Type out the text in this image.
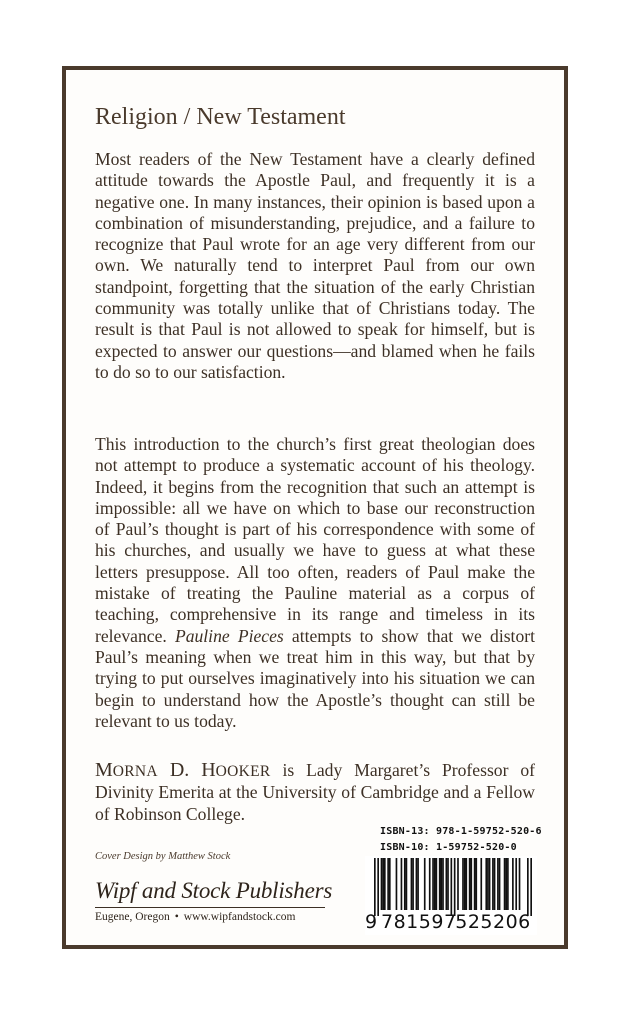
Religion / New Testament

Most readers of the New Testament have a clearly defined attitude towards the Apostle Paul, and frequently it is a negative one. In many instances, their opinion is based upon a combination of misunderstanding, prejudice, and a failure to recognize that Paul wrote for an age very different from our own. We naturally tend to interpret Paul from our own standpoint, forgetting that the situation of the early Christian community was totally unlike that of Christians today. The result is that Paul is not allowed to speak for himself, but is expected to answer our questions—and blamed when he fails to do so to our satisfaction.

This introduction to the church’s first great theologian does not attempt to produce a systematic account of his theology. Indeed, it begins from the recognition that such an attempt is impossible: all we have on which to base our reconstruction of Paul’s thought is part of his correspondence with some of his churches, and usually we have to guess at what these letters presuppose. All too often, readers of Paul make the mistake of treating the Pauline material as a corpus of teaching, comprehensive in its range and timeless in its relevance. Pauline Pieces attempts to show that we distort Paul’s meaning when we treat him in this way, but that by trying to put ourselves imaginatively into his situation we can begin to understand how the Apostle’s thought can still be relevant to us today.

MORNA D. HOOKER is Lady Margaret’s Professor of Divinity Emerita at the University of Cambridge and a Fellow of Robinson College.

ISBN-13: 978-1-59752-520-6
ISBN-10: 1-59752-520-0
Cover Design by Matthew Stock
Wipf and Stock Publishers
Eugene, Oregon • www.wipfandstock.com	9 781597
525206
